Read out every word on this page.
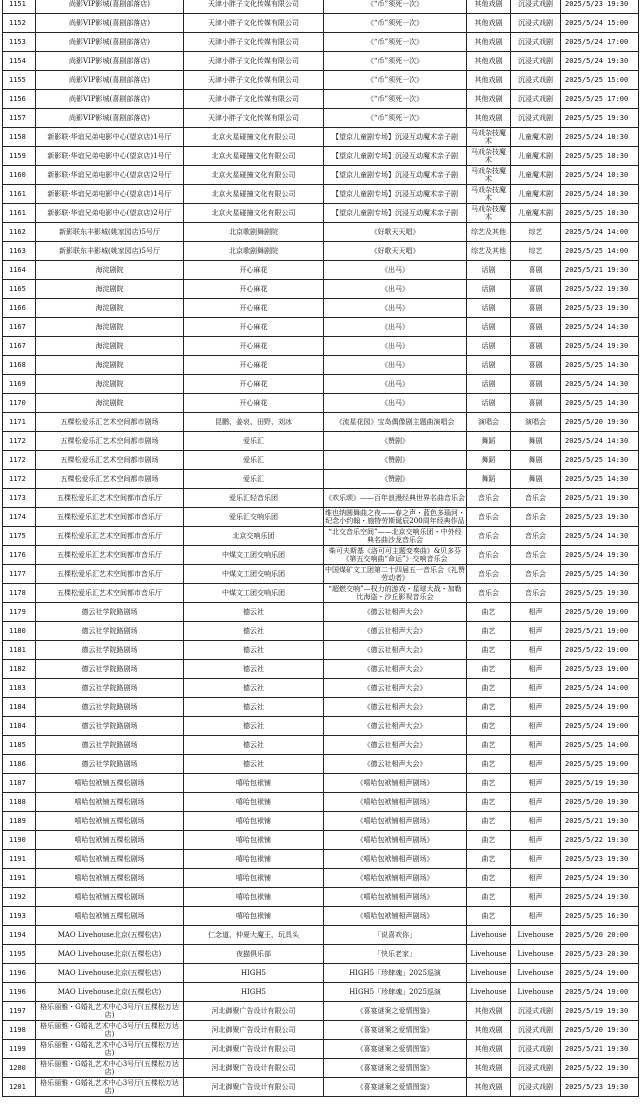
1151	尚影VIP影城(喜剧部落店)	天津小胖子文化传媒有限公司	《“币”须死一次》	其他戏剧	沉浸式戏剧	2025/5/23 19:30
1152	尚影VIP影城(喜剧部落店)	天津小胖子文化传媒有限公司	《“币”须死一次》	其他戏剧	沉浸式戏剧	2025/5/24 15:00
1153	尚影VIP影城(喜剧部落店)	天津小胖子文化传媒有限公司	《“币”须死一次》	其他戏剧	沉浸式戏剧	2025/5/24 17:00
1154	尚影VIP影城(喜剧部落店)	天津小胖子文化传媒有限公司	《“币”须死一次》	其他戏剧	沉浸式戏剧	2025/5/24 19:30
1155	尚影VIP影城(喜剧部落店)	天津小胖子文化传媒有限公司	《“币”须死一次》	其他戏剧	沉浸式戏剧	2025/5/25 15:00
1156	尚影VIP影城(喜剧部落店)	天津小胖子文化传媒有限公司	《“币”须死一次》	其他戏剧	沉浸式戏剧	2025/5/25 17:00
1157	尚影VIP影城(喜剧部落店)	天津小胖子文化传媒有限公司	《“币”须死一次》	其他戏剧	沉浸式戏剧	2025/5/25 19:30
1158	新影联·华谊兄弟电影中心(望京店)1号厅	北京火星碰撞文化有限公司	【望京儿童剧专场】沉浸互动魔术亲子剧	马戏杂技魔术	儿童魔术剧	2025/5/24 10:30
1159	新影联·华谊兄弟电影中心(望京店)1号厅	北京火星碰撞文化有限公司	【望京儿童剧专场】沉浸互动魔术亲子剧	马戏杂技魔术	儿童魔术剧	2025/5/25 10:30
1160	新影联·华谊兄弟电影中心(望京店)2号厅	北京火星碰撞文化有限公司	【望京儿童剧专场】沉浸互动魔术亲子剧	马戏杂技魔术	儿童魔术剧	2025/5/24 10:30
1161	新影联·华谊兄弟电影中心(望京店)1号厅	北京火星碰撞文化有限公司	【望京儿童剧专场】沉浸互动魔术亲子剧	马戏杂技魔术	儿童魔术剧	2025/5/24 10:30
1161	新影联·华谊兄弟电影中心(望京店)2号厅	北京火星碰撞文化有限公司	【望京儿童剧专场】沉浸互动魔术亲子剧	马戏杂技魔术	儿童魔术剧	2025/5/25 10:30
1162	新影联东丰影城(姚家园店)5号厅	北京歌剧舞剧院	《好歌天天唱》	综艺及其他	综艺	2025/5/24 14:00
1163	新影联东丰影城(姚家园店)5号厅	北京歌剧舞剧院	《好歌天天唱》	综艺及其他	综艺	2025/5/25 14:00
1164	海淀剧院	开心麻花	《出马》	话剧	喜剧	2025/5/21 19:30
1165	海淀剧院	开心麻花	《出马》	话剧	喜剧	2025/5/22 19:30
1166	海淀剧院	开心麻花	《出马》	话剧	喜剧	2025/5/23 19:30
1167	海淀剧院	开心麻花	《出马》	话剧	喜剧	2025/5/24 14:30
1167	海淀剧院	开心麻花	《出马》	话剧	喜剧	2025/5/24 19:30
1168	海淀剧院	开心麻花	《出马》	话剧	喜剧	2025/5/25 14:30
1169	海淀剧院	开心麻花	《出马》	话剧	喜剧	2025/5/24 14:30
1170	海淀剧院	开心麻花	《出马》	话剧	喜剧	2025/5/25 14:30
1171	五棵松爱乐汇艺术空间都市剧场	昆鹏、姜哀、田野、刘冰	《流星花园》宝岛偶像剧主题曲演唱会	演唱会	演唱会	2025/5/20 19:30
1172	五棵松爱乐汇艺术空间都市剧场	爱乐汇	《赞剧》	舞蹈	舞剧	2025/5/24 14:30
1172	五棵松爱乐汇艺术空间都市剧场	爱乐汇	《赞剧》	舞蹈	舞剧	2025/5/25 14:30
1172	五棵松爱乐汇艺术空间都市剧场	爱乐汇	《赞剧》	舞蹈	舞剧	2025/5/25 14:30
1173	五棵松爱乐汇艺术空间都市音乐厅	爱乐汇轻音乐团	《欢乐颂》——百年浪漫经典世界名曲音乐会	音乐会	音乐会	2025/5/21 19:30
1174	五棵松爱乐汇艺术空间都市音乐厅	爱乐汇交响乐团	维也纳圆舞曲之夜——春之声・蓝色多瑙河・纪念小约翰・施特劳斯诞辰200周年经典作品	音乐会	音乐会	2025/5/23 19:30
1175	五棵松爱乐汇艺术空间都市音乐厅	北京交响乐团	“北交音乐空间”——北京交响乐团・中外经典名曲沙龙音乐会	音乐会	音乐会	2025/5/24 14:30
1176	五棵松爱乐汇艺术空间都市音乐厅	中煤文工团交响乐团	柴可夫斯基《洛可可主题变奏曲》&贝多芬《第五交响曲“命运”》交响音乐会	音乐会	音乐会	2025/5/24 19:30
1177	五棵松爱乐汇艺术空间都市音乐厅	中煤文工团交响乐团	中国煤矿文工团第二十四届五一音乐会《礼赞劳动者》	音乐会	音乐会	2025/5/25 14:30
1178	五棵松爱乐汇艺术空间都市音乐厅	中煤文工团交响乐团	“超燃交响”—权力的游戏・星球大战・加勒比海盗・沙丘影视音乐会	音乐会	音乐会	2025/5/25 19:30
1179	德云社学院路剧场	德云社	《德云社相声大会》	曲艺	相声	2025/5/20 19:00
1180	德云社学院路剧场	德云社	《德云社相声大会》	曲艺	相声	2025/5/21 19:00
1181	德云社学院路剧场	德云社	《德云社相声大会》	曲艺	相声	2025/5/22 19:00
1182	德云社学院路剧场	德云社	《德云社相声大会》	曲艺	相声	2025/5/23 19:00
1183	德云社学院路剧场	德云社	《德云社相声大会》	曲艺	相声	2025/5/24 14:00
1184	德云社学院路剧场	德云社	《德云社相声大会》	曲艺	相声	2025/5/24 19:00
1184	德云社学院路剧场	德云社	《德云社相声大会》	曲艺	相声	2025/5/24 19:00
1185	德云社学院路剧场	德云社	《德云社相声大会》	曲艺	相声	2025/5/25 14:00
1186	德云社学院路剧场	德云社	《德云社相声大会》	曲艺	相声	2025/5/25 19:00
1187	嘻哈包袱铺五棵松剧场	嘻哈包袱铺	《嘻哈包袱铺相声剧场》	曲艺	相声	2025/5/19 19:30
1188	嘻哈包袱铺五棵松剧场	嘻哈包袱铺	《嘻哈包袱铺相声剧场》	曲艺	相声	2025/5/20 19:30
1189	嘻哈包袱铺五棵松剧场	嘻哈包袱铺	《嘻哈包袱铺相声剧场》	曲艺	相声	2025/5/21 19:30
1190	嘻哈包袱铺五棵松剧场	嘻哈包袱铺	《嘻哈包袱铺相声剧场》	曲艺	相声	2025/5/22 19:30
1191	嘻哈包袱铺五棵松剧场	嘻哈包袱铺	《嘻哈包袱铺相声剧场》	曲艺	相声	2025/5/23 19:30
1191	嘻哈包袱铺五棵松剧场	嘻哈包袱铺	《嘻哈包袱铺相声剧场》	曲艺	相声	2025/5/24 19:30
1192	嘻哈包袱铺五棵松剧场	嘻哈包袱铺	《嘻哈包袱铺相声剧场》	曲艺	相声	2025/5/24 19:30
1193	嘻哈包袱铺五棵松剧场	嘻哈包袱铺	《嘻哈包袱铺相声剧场》	曲艺	相声	2025/5/25 16:30
1194	MAO Livehouse北京(五棵松店)	仁念道、仲夏大魔王、玩具头	「说喜欢你」	Livehouse	Livehouse	2025/5/20 20:00
1195	MAO Livehouse北京(五棵松店)	夜猫俱乐部	「快乐老家」	Livehouse	Livehouse	2025/5/23 20:30
1196	MAO Livehouse北京(五棵松店)	HIGH5	HIGH5「珍肆魂」2025巡演	Livehouse	Livehouse	2025/5/24 19:00
1196	MAO Livehouse北京(五棵松店)	HIGH5	HIGH5「珍肆魂」2025巡演	Livehouse	Livehouse	2025/5/24 19:00
1197	格乐丽雅・G婚礼艺术中心3号厅(五棵松万达店)	河北御聚广告设计有限公司	《喜宴谜案之爱情图鉴》	其他戏剧	沉浸式戏剧	2025/5/19 19:30
1198	格乐丽雅・G婚礼艺术中心3号厅(五棵松万达店)	河北御聚广告设计有限公司	《喜宴谜案之爱情图鉴》	其他戏剧	沉浸式戏剧	2025/5/20 19:30
1199	格乐丽雅・G婚礼艺术中心3号厅(五棵松万达店)	河北御聚广告设计有限公司	《喜宴谜案之爱情图鉴》	其他戏剧	沉浸式戏剧	2025/5/21 19:30
1200	格乐丽雅・G婚礼艺术中心3号厅(五棵松万达店)	河北御聚广告设计有限公司	《喜宴谜案之爱情图鉴》	其他戏剧	沉浸式戏剧	2025/5/22 19:30
1201	格乐丽雅・G婚礼艺术中心3号厅(五棵松万达店)	河北御聚广告设计有限公司	《喜宴谜案之爱情图鉴》	其他戏剧	沉浸式戏剧	2025/5/23 19:30
